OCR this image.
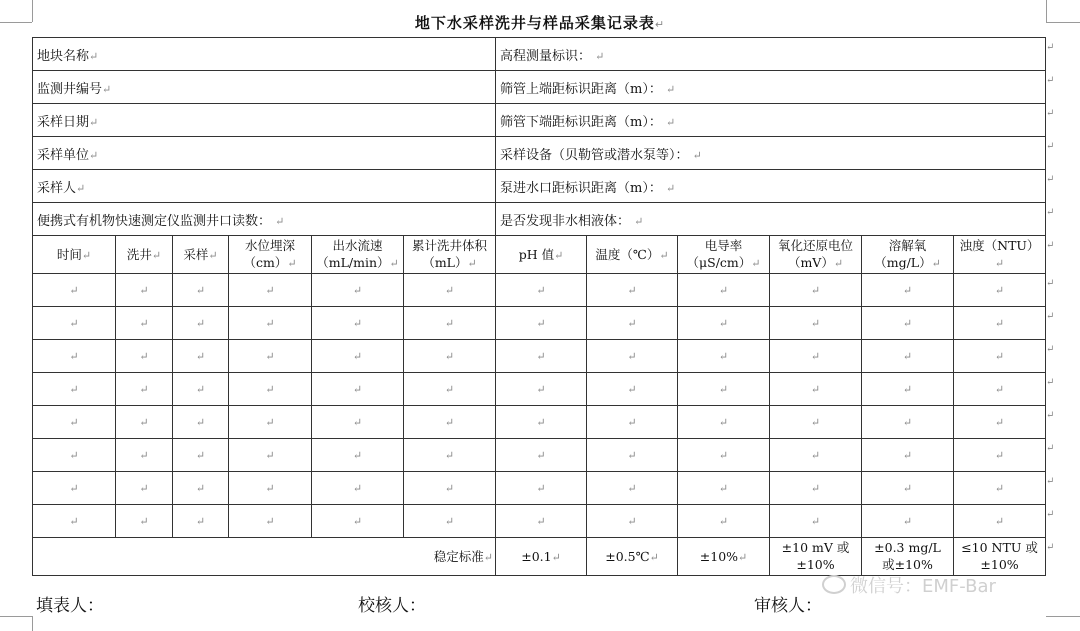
地下水采样洗井与样品采集记录表↵
地块名称↵						高程测量标识： ↵					
监测井编号↵						筛管上端距标识距离（m）： ↵					
采样日期↵						筛管下端距标识距离（m）： ↵					
采样单位↵						采样设备（贝勒管或潜水泵等）： ↵					
采样人↵						泵进水口距标识距离（m）： ↵					
便携式有机物快速测定仪监测井口读数： ↵						是否发现非水相液体： ↵					
时间↵	洗井↵	采样↵	水位埋深（cm）↵	出水流速（mL/min）↵	累计洗井体积（mL）↵	pH 值↵	温度（℃）↵	电导率（μS/cm）↵	氧化还原电位（mV）↵	溶解氧（mg/L）↵	浊度（NTU）↵
↵	↵	↵	↵	↵	↵	↵	↵	↵	↵	↵	↵
↵	↵	↵	↵	↵	↵	↵	↵	↵	↵	↵	↵
↵	↵	↵	↵	↵	↵	↵	↵	↵	↵	↵	↵
↵	↵	↵	↵	↵	↵	↵	↵	↵	↵	↵	↵
↵	↵	↵	↵	↵	↵	↵	↵	↵	↵	↵	↵
↵	↵	↵	↵	↵	↵	↵	↵	↵	↵	↵	↵
↵	↵	↵	↵	↵	↵	↵	↵	↵	↵	↵	↵
↵	↵	↵	↵	↵	↵	↵	↵	↵	↵	↵	↵
稳定标准↵						±0.1↵	±0.5℃↵	±10%↵	±10 mV 或±10%	±0.3 mg/L 或±10%	≤10 NTU 或±10%
↵
↵
↵
↵
↵
↵
↵
↵
↵
↵
↵
↵
↵
↵
↵
↵
微信号：EMF-Bar
填表人：	校核人：	审核人：
